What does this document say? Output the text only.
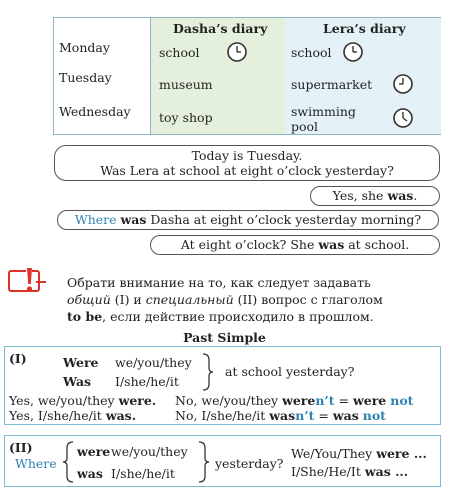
Monday
Tuesday
Wednesday
Dasha’s diary
school
museum
toy shop
Lera’s diary
school
supermarket
swimming
pool
Today is Tuesday.
Was Lera at school at eight o’clock yesterday?
Yes, she was.
Where was Dasha at eight o’clock yesterday morning?
At eight o’clock? She was at school.
Обрати внимание на то, как следует задавать
общий (I) и специальный (II) вопрос с глаголом
to be, если действие происходило в прошлом.
Past Simple
(I)	Were we/you/they
Was I/she/he/it
at school yesterday?
Yes, we/you/they were. No, we/you/they weren’t = were not
Yes, I/she/he/it was.	No, I/she/he/it wasn’t = was not
(II)
Where
were we/you/they
was I/she/he/it
yesterday?
We/You/They were ...
I/She/He/It was ...
